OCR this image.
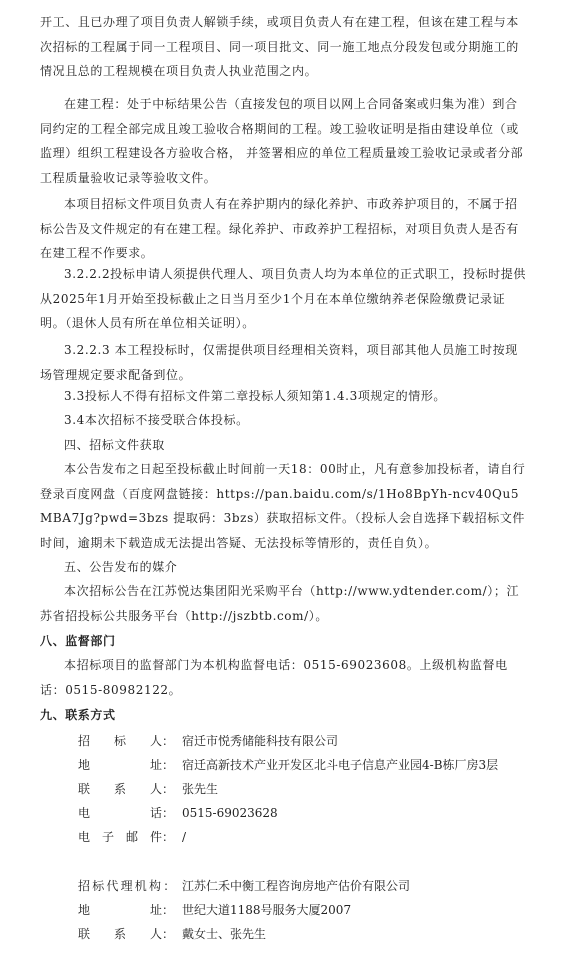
开工、且已办理了项目负责人解锁手续，或项目负责人有在建工程，但该在建工程与本次招标的工程属于同一工程项目、同一项目批文、同一施工地点分段发包或分期施工的情况且总的工程规模在项目负责人执业范围之内。

在建工程：处于中标结果公告（直接发包的项目以网上合同备案或归集为准）到合同约定的工程全部完成且竣工验收合格期间的工程。竣工验收证明是指由建设单位（或监理）组织工程建设各方验收合格， 并签署相应的单位工程质量竣工验收记录或者分部工程质量验收记录等验收文件。

本项目招标文件项目负责人有在养护期内的绿化养护、市政养护项目的，不属于招标公告及文件规定的有在建工程。绿化养护、市政养护工程招标，对项目负责人是否有在建工程不作要求。

3.2.2.2投标申请人须提供代理人、项目负责人均为本单位的正式职工，投标时提供从2025年1月开始至投标截止之日当月至少1个月在本单位缴纳养老保险缴费记录证明。（退休人员有所在单位相关证明）。

3.2.2.3 本工程投标时，仅需提供项目经理相关资料，项目部其他人员施工时按现场管理规定要求配备到位。

3.3投标人不得有招标文件第二章投标人须知第1.4.3项规定的情形。

3.4本次招标不接受联合体投标。

四、招标文件获取

本公告发布之日起至投标截止时间前一天18：00时止，凡有意参加投标者，请自行登录百度网盘（百度网盘链接：https://pan.baidu.com/s/1Ho8BpYh-ncv40Qu5MBA7Jg?pwd=3bzs 提取码：3bzs）获取招标文件。（投标人会自选择下载招标文件时间，逾期未下载造成无法提出答疑、无法投标等情形的，责任自负）。

五、公告发布的媒介

本次招标公告在江苏悦达集团阳光采购平台（http://www.ydtender.com/）；江苏省招投标公共服务平台（http://jszbtb.com/）。

八、监督部门

本招标项目的监督部门为本机构监督电话：0515-69023608。上级机构监督电话：0515-80982122。

九、联系方式

招　　标　　人： 宿迁市悦秀储能科技有限公司
地　　　　　址： 宿迁高新技术产业开发区北斗电子信息产业园4-B栋厂房3层
联　　系　　人： 张先生
电　　　　　话： 0515-69023628
电　子　邮　件： /
招标代理机构： 江苏仁禾中衡工程咨询房地产估价有限公司
地　　　　　址： 世纪大道1188号服务大厦2007
联　　系　　人： 戴女士、张先生
